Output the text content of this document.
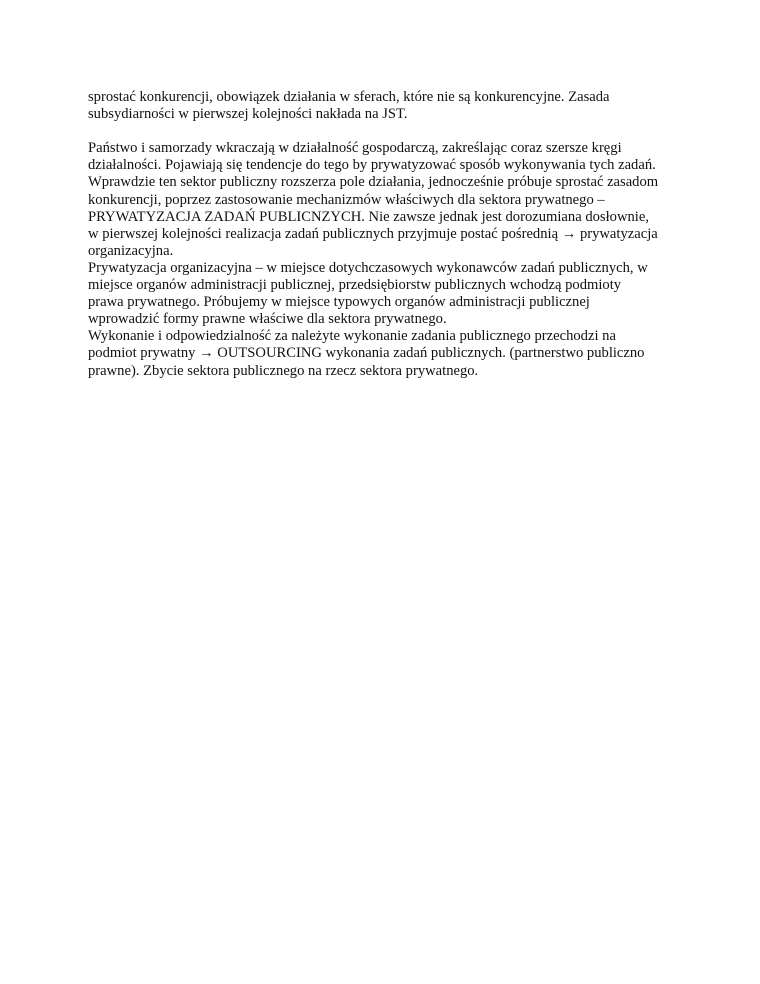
sprostać konkurencji, obowiązek działania w sferach, które nie są konkurencyjne. Zasada
subsydiarności w pierwszej kolejności nakłada na JST.
Państwo i samorzady wkraczają w działalność gospodarczą, zakreślając coraz szersze kręgi
działalności. Pojawiają się tendencje do tego by prywatyzować sposób wykonywania tych zadań.
Wprawdzie ten sektor publiczny rozszerza pole działania, jednocześnie próbuje sprostać zasadom
konkurencji, poprzez zastosowanie mechanizmów właściwych dla sektora prywatnego –
PRYWATYZACJA ZADAŃ PUBLICNZYCH. Nie zawsze jednak jest dorozumiana dosłownie,
w pierwszej kolejności realizacja zadań publicznych przyjmuje postać pośrednią → prywatyzacja
organizacyjna.
Prywatyzacja organizacyjna – w miejsce dotychczasowych wykonawców zadań publicznych, w
miejsce organów administracji publicznej, przedsiębiorstw publicznych wchodzą podmioty
prawa prywatnego. Próbujemy w miejsce typowych organów administracji publicznej
wprowadzić formy prawne właściwe dla sektora prywatnego.
Wykonanie i odpowiedzialność za należyte wykonanie zadania publicznego przechodzi na
podmiot prywatny → OUTSOURCING wykonania zadań publicznych. (partnerstwo publiczno
prawne). Zbycie sektora publicznego na rzecz sektora prywatnego.
